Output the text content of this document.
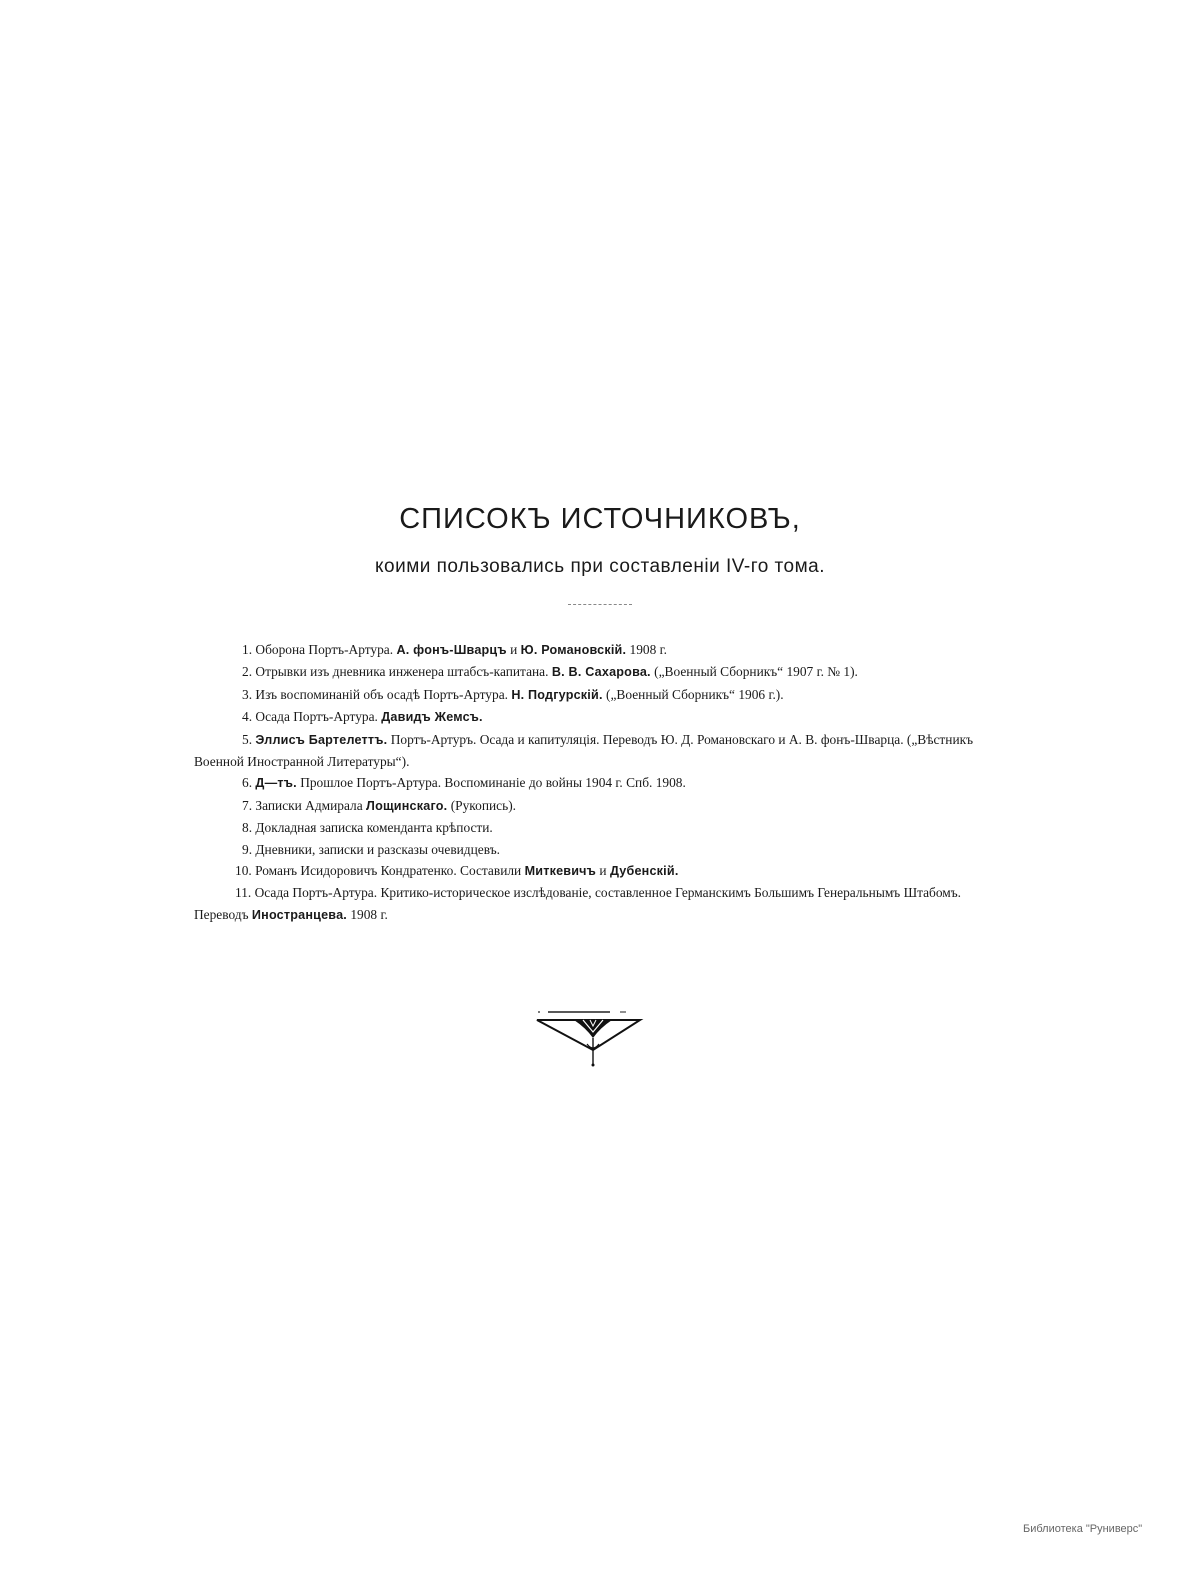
СПИСОКЪ ИСТОЧНИКОВЪ,
коими пользовались при составленіи IV-го тома.
1. Оборона Портъ-Артура. А. фонъ-Шварцъ и Ю. Романовскій. 1908 г.
2. Отрывки изъ дневника инженера штабсъ-капитана. В. В. Сахарова. („Военный Сборникъ“ 1907 г. № 1).
3. Изъ воспоминаній объ осадѣ Портъ-Артура. Н. Подгурскій. („Военный Сборникъ“ 1906 г.).
4. Осада Портъ-Артура. Давидъ Жемсъ.
5. Эллисъ Бартелеттъ. Портъ-Артуръ. Осада и капитуляція. Переводъ Ю. Д. Романовскаго и А. В. фонъ-Шварца. („Вѣстникъ Военной Иностранной Литературы“).
6. Д—тъ. Прошлое Портъ-Артура. Воспоминаніе до войны 1904 г. Спб. 1908.
7. Записки Адмирала Лощинскаго. (Рукопись).
8. Докладная записка коменданта крѣпости.
9. Дневники, записки и разсказы очевидцевъ.
10. Романъ Исидоровичъ Кондратенко. Составили Миткевичъ и Дубенскій.
11. Осада Портъ-Артура. Критико-историческое изслѣдованіе, составленное Германскимъ Большимъ Генеральнымъ Штабомъ. Переводъ Иностранцева. 1908 г.
Библиотека "Руниверс"
